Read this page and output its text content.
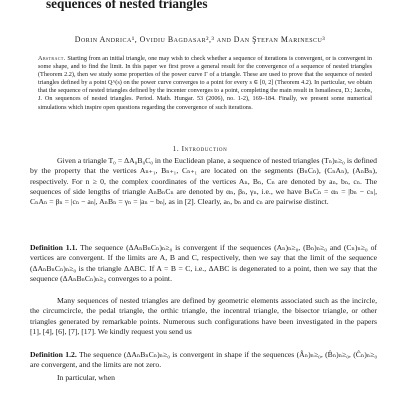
sequences of nested triangles
Dorin Andrica¹, Ovidiu Bagdasar²,³ and Dan Ştefan Marinescu³
Abstract. Starting from an initial triangle, one may wish to check whether a sequence of iterations is convergent, or is convergent in some shape, and to find the limit. In this paper we first prove a general result for the convergence of a sequence of nested triangles (Theorem 2.2), then we study some properties of the power curve Γ of a triangle. These are used to prove that the sequence of nested triangles defined by a point Q^(s) on the power curve converges to a point for every s ∈ [0, 2] (Theorem 4.2). In particular, we obtain that the sequence of nested triangles defined by the incenter converges to a point, completing the main result in Ismailescu, D.; Jacobs, J. On sequences of nested triangles. Period. Math. Hungar. 53 (2006), no. 1-2), 169–184. Finally, we present some numerical simulations which inspire open questions regarding the convergence of such iterations.
1. Introduction
Given a triangle T₀ = ΔA₀B₀C₀ in the Euclidean plane, a sequence of nested triangles (Tₙ)ₙ≥₀ is defined by the property that the vertices Aₙ₊₁, Bₙ₊₁, Cₙ₊₁ are located on the segments (BₙCₙ), (CₙAₙ), (AₙBₙ), respectively. For n ≥ 0, the complex coordinates of the vertices Aₙ, Bₙ, Cₙ are denoted by aₙ, bₙ, cₙ. The sequences of side lengths of triangle AₙBₙCₙ are denoted by αₙ, βₙ, γₙ, i.e., we have BₙCₙ = αₙ = |bₙ − cₙ|, CₙAₙ = βₙ = |cₙ − aₙ|, AₙBₙ = γₙ = |aₙ − bₙ|, as in [2]. Clearly, aₙ, bₙ and cₙ are pairwise distinct.
Definition 1.1. The sequence (ΔAₙBₙCₙ)ₙ≥₀ is convergent if the sequences (Aₙ)ₙ≥₀, (Bₙ)ₙ≥₀ and (Cₙ)ₙ≥₀ of vertices are convergent. If the limits are A, B and C, respectively, then we say that the limit of the sequence (ΔAₙBₙCₙ)ₙ≥₀ is the triangle ΔABC. If A = B = C, i.e., ΔABC is degenerated to a point, then we say that the sequence (ΔAₙBₙCₙ)ₙ≥₀ converges to a point.
Many sequences of nested triangles are defined by geometric elements associated such as the incircle, the circumcircle, the pedal triangle, the orthic triangle, the incentral triangle, the bisector triangle, or other triangles generated by remarkable points. Numerous such configurations have been investigated in the papers [1], [4], [6], [7], [17]. We kindly request you send us
Definition 1.2. The sequence (ΔAₙBₙCₙ)ₙ≥₀ is convergent in shape if the sequences (Âₙ)ₙ≥₀, (B̂ₙ)ₙ≥₀, (Ĉₙ)ₙ≥₀ are convergent, and the limits are not zero.
In particular, when
